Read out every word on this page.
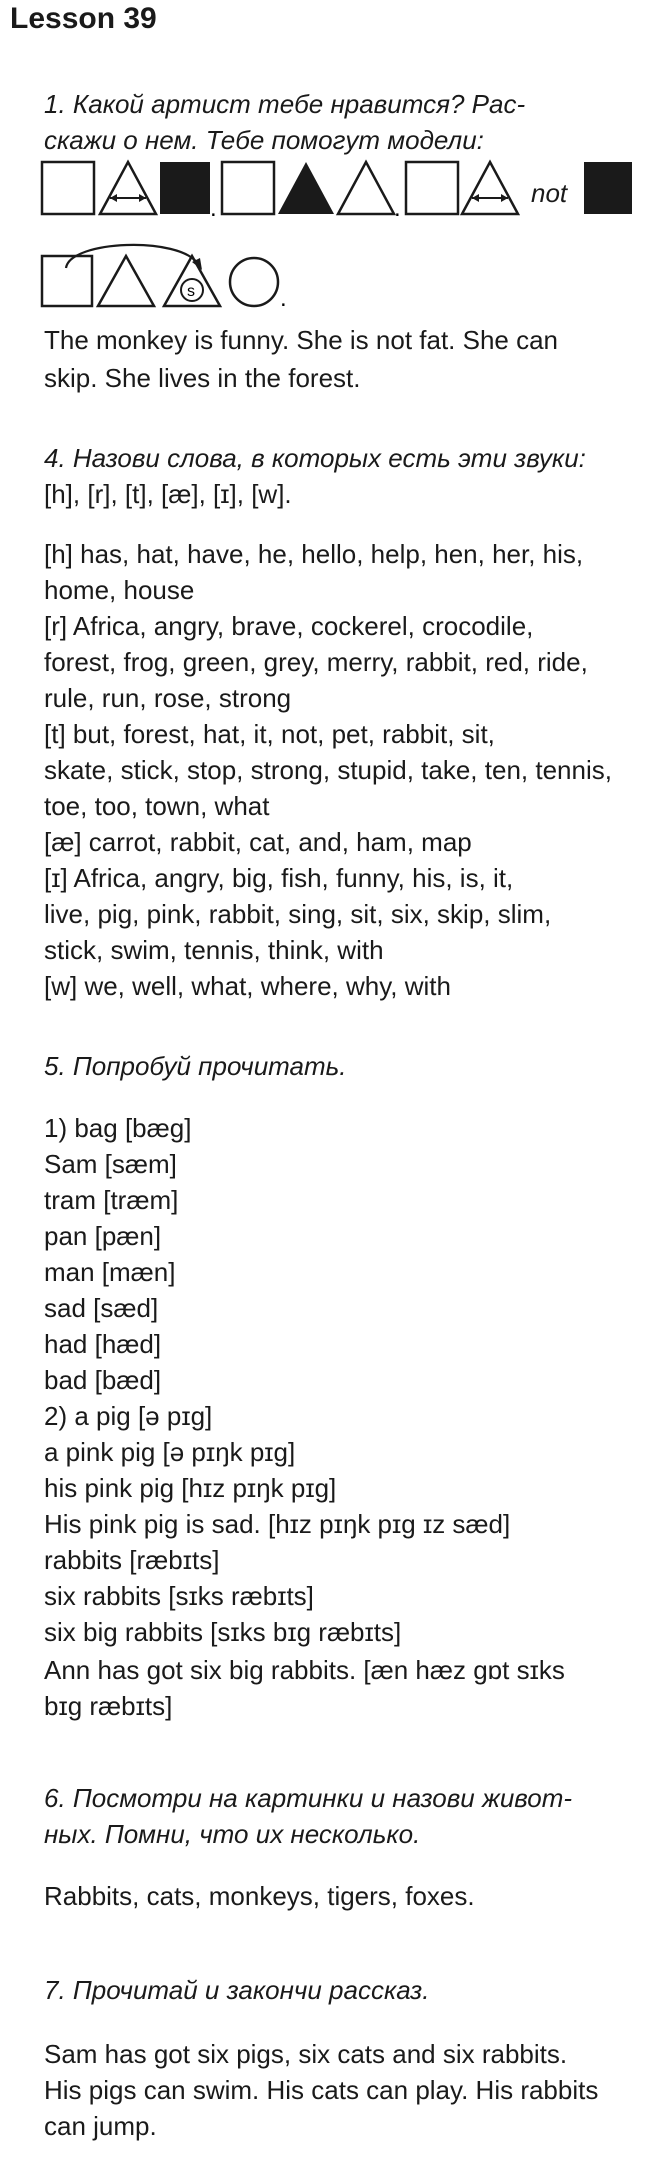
Lesson 39
1. Какой артист тебе нравится? Рас-
скажи о нем. Тебе помогут модели:
.	.
not
s	.
The monkey is funny. She is not fat. She can
skip. She lives in the forest.
4. Назови слова, в которых есть эти звуки:
[h], [r], [t], [æ], [ɪ], [w].
[h] has, hat, have, he, hello, help, hen, her, his,
home, house
[r] Africa, angry, brave, cockerel, crocodile,
forest, frog, green, grey, merry, rabbit, red, ride,
rule, run, rose, strong
[t] but, forest, hat, it, not, pet, rabbit, sit,
skate, stick, stop, strong, stupid, take, ten, tennis,
toe, too, town, what
[æ] carrot, rabbit, cat, and, ham, map
[ɪ] Africa, angry, big, fish, funny, his, is, it,
live, pig, pink, rabbit, sing, sit, six, skip, slim,
stick, swim, tennis, think, with
[w] we, well, what, where, why, with
5. Попробуй прочитать.
1) bag [bæg]
Sam [sæm]
tram [træm]
pan [pæn]
man [mæn]
sad [sæd]
had [hæd]
bad [bæd]
2) a pig [ə pɪg]
a pink pig [ə pɪŋk pɪg]
his pink pig [hɪz pɪŋk pɪg]
His pink pig is sad. [hɪz pɪŋk pɪg ɪz sæd]
rabbits [ræbɪts]
six rabbits [sɪks ræbɪts]
six big rabbits [sɪks bɪg ræbɪts]
Ann has got six big rabbits. [æn hæz gɒt sɪks
bɪg ræbɪts]
6. Посмотри на картинки и назови живот-
ных. Помни, что их несколько.
Rabbits, cats, monkeys, tigers, foxes.
7. Прочитай и закончи рассказ.
Sam has got six pigs, six cats and six rabbits.
His pigs can swim. His cats can play. His rabbits
can jump.
